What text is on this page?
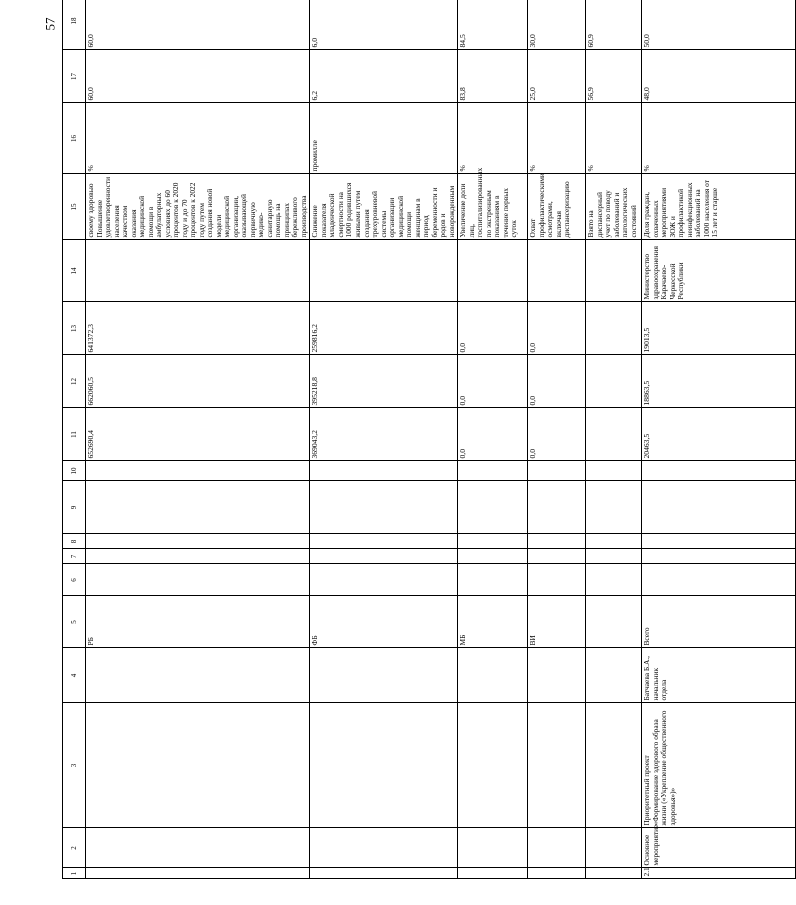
57
	1	2	3	4	5	6	7	8	9	10	11	12	13	14	15	16	17	18	
					РБ						652690,4	662060,5	641372,3		своему здоровью Повышение удовлетворенности населения качеством оказания медицинской помощи в амбулаторных условиях до 60 процентов к 2020 году и до 70 процентов к 2022 году путем создания новой модели медицинской организации, оказывающей первичную медико-санитарную помощь на принципах бережливого производства	%	60,0	60,0	
					ФБ						369043,2	395218,8	259816,2		Снижение показателя младенческой смертности на 1000 родившихся живыми путем создания трехуровневой системы организации медицинской помощи женщинам в период беременности и родов и новорожденным	промилле	6,2	6,0	
					МБ						0,0	0,0	0,0		Увеличение доли лиц, госпитализированных по экстренным показаниям в течение первых суток	%	83,8	84,5	
					ВИ						0,0	0,0	0,0		Охват профилактическими осмотрами, включая диспансеризацию	%	25,0	30,0	
															Взято на диспансерный учет по поводу заболеваний и патологических состояний	%	56,9	60,9	
	2.1	Основное мероприятие	Приоритетный проект «Формирование здорового образа жизни («Укрепление общественного здоровья»)»	Батчаева Б.А., начальник отдела	Всего						20463,5	18863,5	19013,5	Министерство здравоохранения Карачаево-Черкесской Республики	Доля граждан, охваченных мероприятиями ЗОЖ и профилактикой неинфекционных заболеваний на 1000 населения от 15 лет и старше	%	48,0	50,0	
